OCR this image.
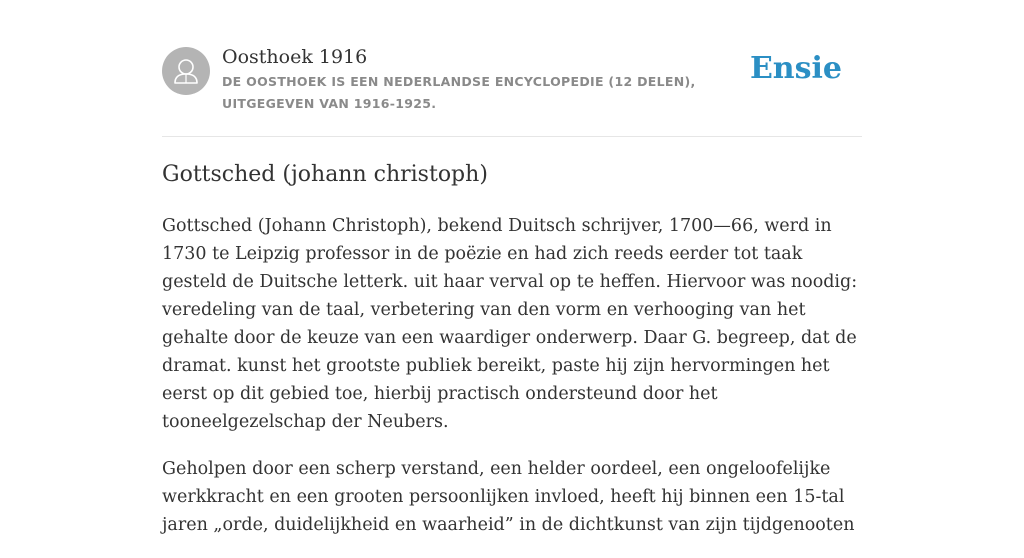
Oosthoek 1916
DE OOSTHOEK IS EEN NEDERLANDSE ENCYCLOPEDIE (12 DELEN), UITGEGEVEN VAN 1916-1925.
Ensie
Gottsched (johann christoph)

Gottsched (Johann Christoph), bekend Duitsch schrijver, 1700—66, werd in 1730 te Leipzig professor in de poëzie en had zich reeds eerder tot taak gesteld de Duitsche letterk. uit haar verval op te heffen. Hiervoor was noodig: veredeling van de taal, verbetering van den vorm en verhooging van het gehalte door de keuze van een waardiger onderwerp. Daar G. begreep, dat de dramat. kunst het grootste publiek bereikt, paste hij zijn hervormingen het eerst op dit gebied toe, hierbij practisch ondersteund door het tooneelgezelschap der Neubers.

Geholpen door een scherp verstand, een helder oordeel, een ongeloofelijke werkkracht en een grooten persoonlijken invloed, heeft hij binnen een 15-tal jaren „orde, duidelijkheid en waarheid” in de dichtkunst van zijn tijdgenooten
